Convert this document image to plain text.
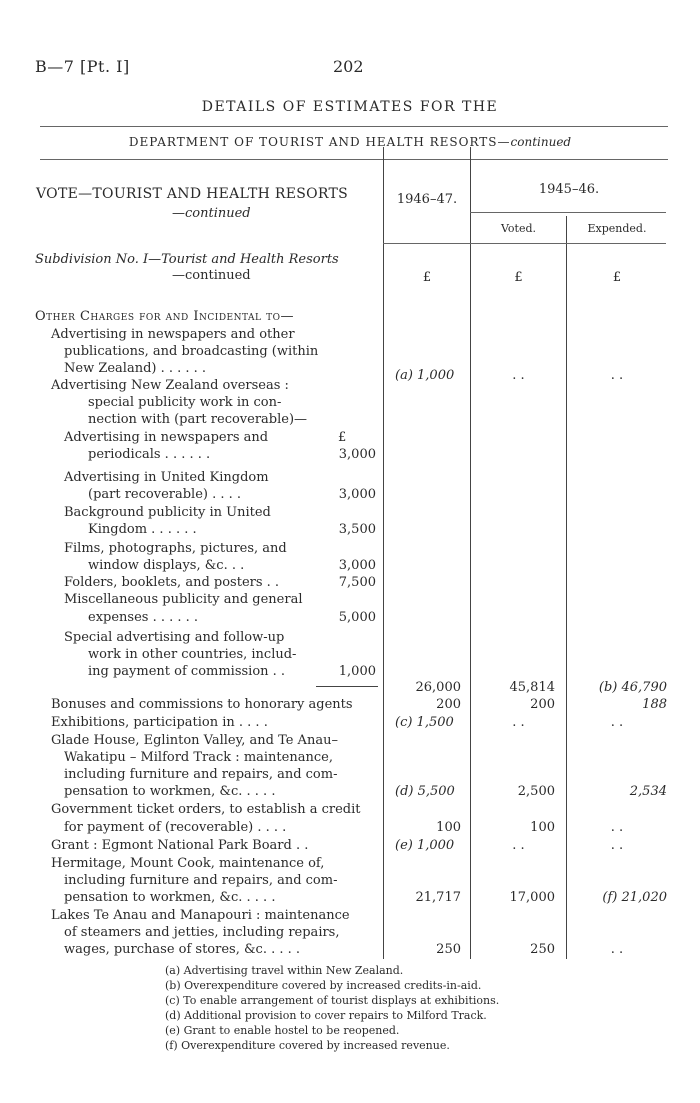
B—7 [Pt. I]	202
DETAILS OF ESTIMATES FOR THE
DEPARTMENT OF TOURIST AND HEALTH RESORTS—continued
VOTE—TOURIST AND HEALTH RESORTS
—continued
Subdivision No. I—Tourist and Health Resorts
—continued
1946–47.
1945–46.
Voted.	Expended.
£	£	£
Other Charges for and Incidental to—
Advertising in newspapers and other
publications, and broadcasting (within
New Zealand) . . . . . .	(a) 1,000	. .	. .
Advertising New Zealand overseas :
special publicity work in con-
nection with (part recoverable)—
Advertising in newspapers and	£
periodicals . . . . . .	3,000
Advertising in United Kingdom
(part recoverable) . . . .	3,000
Background publicity in United
Kingdom . . . . . .	3,500
Films, photographs, pictures, and
window displays, &c. . .	3,000
Folders, booklets, and posters . .	7,500
Miscellaneous publicity and general
expenses . . . . . .	5,000
Special advertising and follow-up
work in other countries, includ-
ing payment of commission . .	1,000
26,000	45,814	(b) 46,790
Bonuses and commissions to honorary agents	200	200	188
Exhibitions, participation in . . . .	(c) 1,500	. .	. .
Glade House, Eglinton Valley, and Te Anau–
Wakatipu – Milford Track : maintenance,
including furniture and repairs, and com-
pensation to workmen, &c. . . . .	(d) 5,500	2,500	2,534
Government ticket orders, to establish a credit
for payment of (recoverable) . . . .	100	100	. .
Grant : Egmont National Park Board . .	(e) 1,000	. .	. .
Hermitage, Mount Cook, maintenance of,
including furniture and repairs, and com-
pensation to workmen, &c. . . . .	21,717	17,000	(f) 21,020
Lakes Te Anau and Manapouri : maintenance
of steamers and jetties, including repairs,
wages, purchase of stores, &c. . . . .	250	250	. .
(a) Advertising travel within New Zealand.
(b) Overexpenditure covered by increased credits-in-aid.
(c) To enable arrangement of tourist displays at exhibitions.
(d) Additional provision to cover repairs to Milford Track.
(e) Grant to enable hostel to be reopened.
(f) Overexpenditure covered by increased revenue.
